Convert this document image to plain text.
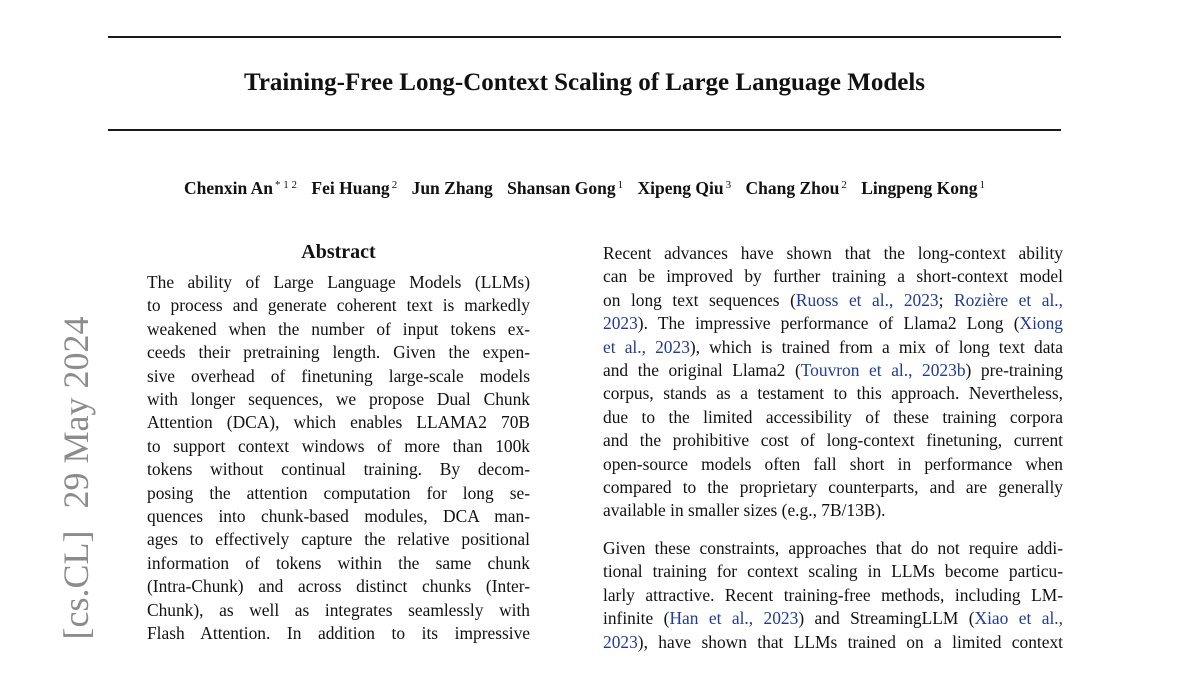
Training-Free Long-Context Scaling of Large Language Models
Chenxin An $^{* 1 2}$ Fei Huang $^2$ Jun Zhang Shansan Gong $^1$ Xipeng Qiu $^3$ Chang Zhou $^2$ Lingpeng Kong $^1$
[cs.CL]29 May 2024
Abstract
The ability of Large Language Models (LLMs)
to process and generate coherent text is markedly
weakened when the number of input tokens ex-
ceeds their pretraining length. Given the expen-
sive overhead of finetuning large-scale models
with longer sequences, we propose Dual Chunk
Attention (DCA), which enables LLAMA2 70B
to support context windows of more than 100k
tokens without continual training. By decom-
posing the attention computation for long se-
quences into chunk-based modules, DCA man-
ages to effectively capture the relative positional
information of tokens within the same chunk
(Intra-Chunk) and across distinct chunks (Inter-
Chunk), as well as integrates seamlessly with
Flash Attention. In addition to its impressive
Recent advances have shown that the long-context ability
can be improved by further training a short-context model
on long text sequences (Ruoss et al., 2023; Rozière et al.,
2023). The impressive performance of Llama2 Long (Xiong
et al., 2023), which is trained from a mix of long text data
and the original Llama2 (Touvron et al., 2023b) pre-training
corpus, stands as a testament to this approach. Nevertheless,
due to the limited accessibility of these training corpora
and the prohibitive cost of long-context finetuning, current
open-source models often fall short in performance when
compared to the proprietary counterparts, and are generally
available in smaller sizes (e.g., 7B/13B).
Given these constraints, approaches that do not require addi-
tional training for context scaling in LLMs become particu-
larly attractive. Recent training-free methods, including LM-
infinite (Han et al., 2023) and StreamingLLM (Xiao et al.,
2023), have shown that LLMs trained on a limited context
